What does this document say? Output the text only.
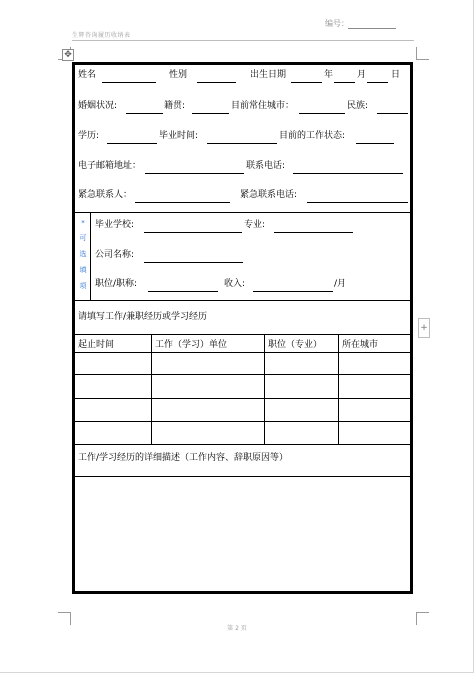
编号：
生辉咨询履历收纳表
✥
+
姓名	性别	出生日期	年	月	日
婚姻状况:	籍贯:	目前常住城市：	民族:
学历:	毕业时间:	目前的工作状态:
电子邮箱地址：	联系电话:
紧急联系人：	紧急联系电话:
*
可
选
填
项
毕业学校:	专业:
公司名称:
职位/职称:	收入:	/月
请填写工作/兼职经历或学习经历
起止时间	工作（学习）单位	职位（专业） 所在城市
工作/学习经历的详细描述（工作内容、辞职原因等）
第 2 页
